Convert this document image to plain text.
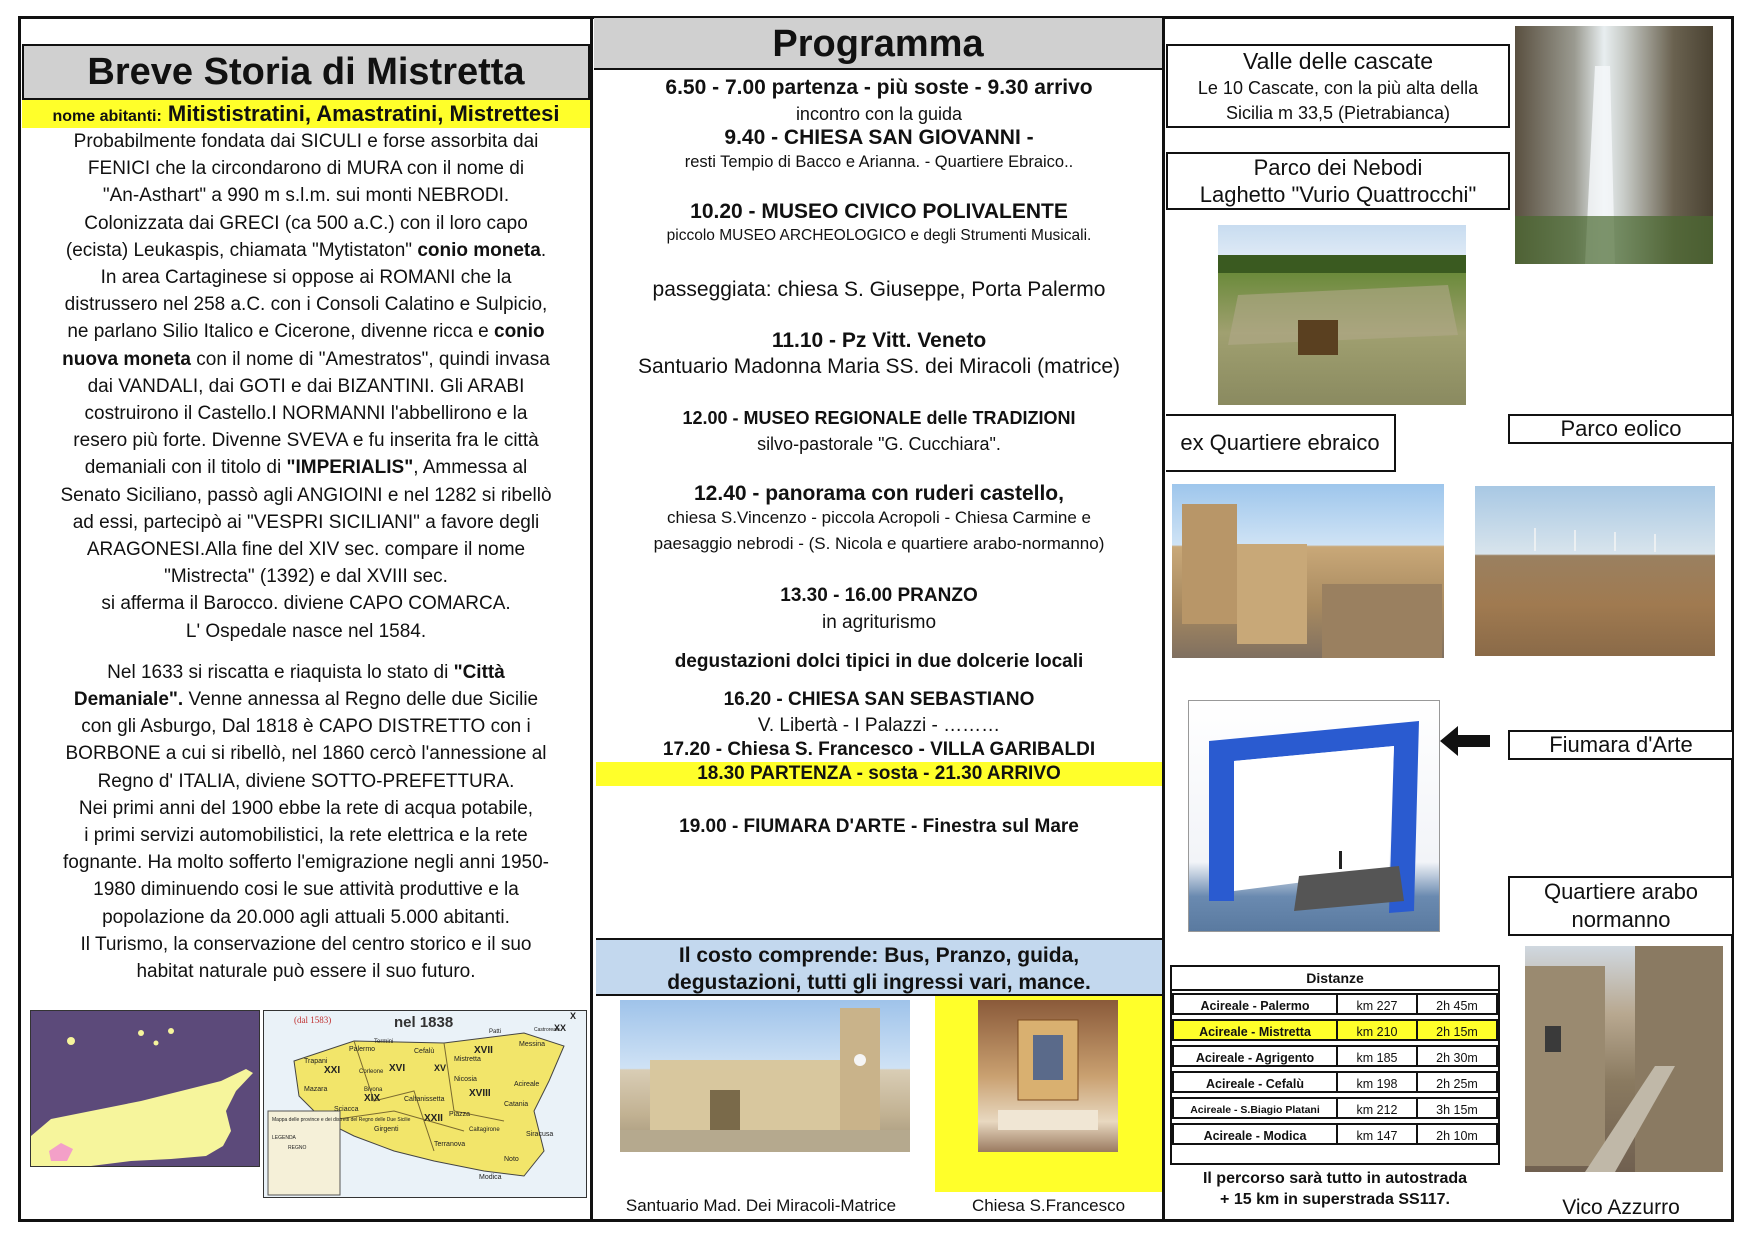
Breve Storia di Mistretta
nome abitanti: Mitististratini, Amastratini, Mistrettesi

Probabilmente fondata dai SICULI e forse assorbita dai

FENICI che la circondarono di MURA con il nome di

"An-Asthart" a 990 m s.l.m. sui monti NEBRODI.

Colonizzata dai GRECI (ca 500 a.C.) con il loro capo

(ecista) Leukaspis, chiamata "Mytistaton" conio moneta.

In area Cartaginese si oppose ai ROMANI che la

distrussero nel 258 a.C. con i Consoli Calatino e Sulpicio,

ne parlano Silio Italico e Cicerone, divenne ricca e conio

nuova moneta con il nome di "Amestratos", quindi invasa

dai VANDALI, dai GOTI e dai BIZANTINI. Gli ARABI

costruirono il Castello.I NORMANNI l'abbellirono e la

resero più forte. Divenne SVEVA e fu inserita fra le città

demaniali con il titolo di "IMPERIALIS", Ammessa al

Senato Siciliano, passò agli ANGIOINI e nel 1282 si ribellò

ad essi, partecipò ai "VESPRI SICILIANI" a favore degli

ARAGONESI.Alla fine del XIV sec. compare il nome

"Mistrecta" (1392) e dal XVIII sec.

si afferma il Barocco. diviene CAPO COMARCA.

L' Ospedale nasce nel 1584.

Nel 1633 si riscatta e riaquista lo stato di "Città

Demaniale". Venne annessa al Regno delle due Sicilie

con gli Asburgo, Dal 1818 è CAPO DISTRETTO con i

BORBONE a cui si ribellò, nel 1860 cercò l'annessione al

Regno d' ITALIA, diviene SOTTO-PREFETTURA.

Nei primi anni del 1900 ebbe la rete di acqua potabile,

i primi servizi automobilistici, la rete elettrica e la rete

fognante. Ha molto sofferto l'emigrazione negli anni 1950-

1980 diminuendo cosi le sue attività produttive e la

popolazione da 20.000 agli attuali 5.000 abitanti.

Il Turismo, la conservazione del centro storico e il suo

habitat naturale può essere il suo futuro.

(dal 1583)	nel 1838
Trapani
Palermo
Messina
Catania
Siracusa
Noto
Girgenti
Caltanissetta
Modica
Nicosia
Mistretta
Cefalù
Termini
Corleone
Mazara
Sciacca
Terranova
Piazza
Acireale
Patti
Bivona
Caltagirone
Castroreale
XXI	XVI
XVII
XIX	XVIII
XXII
XX
X
XV
Mappa delle province e dei distretti del Regno delle Due Sicilie
LEGENDA
REGNO
Programma
6.50 - 7.00 partenza - più soste - 9.30 arrivo
incontro con la guida
9.40 - CHIESA SAN GIOVANNI -
resti Tempio di Bacco e Arianna. - Quartiere Ebraico..
10.20 - MUSEO CIVICO POLIVALENTE
piccolo MUSEO ARCHEOLOGICO e degli Strumenti Musicali.
passeggiata: chiesa S. Giuseppe, Porta Palermo
11.10 - Pz Vitt. Veneto
Santuario Madonna Maria SS. dei Miracoli (matrice)
12.00 - MUSEO REGIONALE delle TRADIZIONI
silvo-pastorale "G. Cucchiara".
12.40 - panorama con ruderi castello,
chiesa S.Vincenzo - piccola Acropoli - Chiesa Carmine e
paesaggio nebrodi - (S. Nicola e quartiere arabo-normanno)
13.30 - 16.00 PRANZO
in agriturismo
degustazioni dolci tipici in due dolcerie locali
16.20 - CHIESA SAN SEBASTIANO
V. Libertà - I Palazzi - ………
17.20 - Chiesa S. Francesco - VILLA GARIBALDI
18.30 PARTENZA - sosta - 21.30 ARRIVO
19.00 - FIUMARA D'ARTE - Finestra sul Mare
Il costo comprende: Bus, Pranzo, guida,
degustazioni, tutti gli ingressi vari, mance.
Santuario Mad. Dei Miracoli-Matrice	Chiesa S.Francesco
Valle delle cascate
Le 10 Cascate, con la più alta della
Sicilia m 33,5 (Pietrabianca)
Parco dei Nebodi
Laghetto "Vurio Quattrocchi"
ex Quartiere ebraico
Parco eolico
Fiumara d'Arte
Quartiere arabo
normanno
Vico Azzurro
Distanze
Acireale - Palermo	km 227	2h 45m
Acireale - Mistretta	km 210	2h 15m
Acireale - Agrigento	km 185	2h 30m
Acireale - Cefalù	km 198	2h 25m
Acireale - S.Biagio Platani	km 212	3h 15m
Acireale - Modica	km 147	2h 10m
Il percorso sarà tutto in autostrada
+ 15 km in superstrada SS117.
